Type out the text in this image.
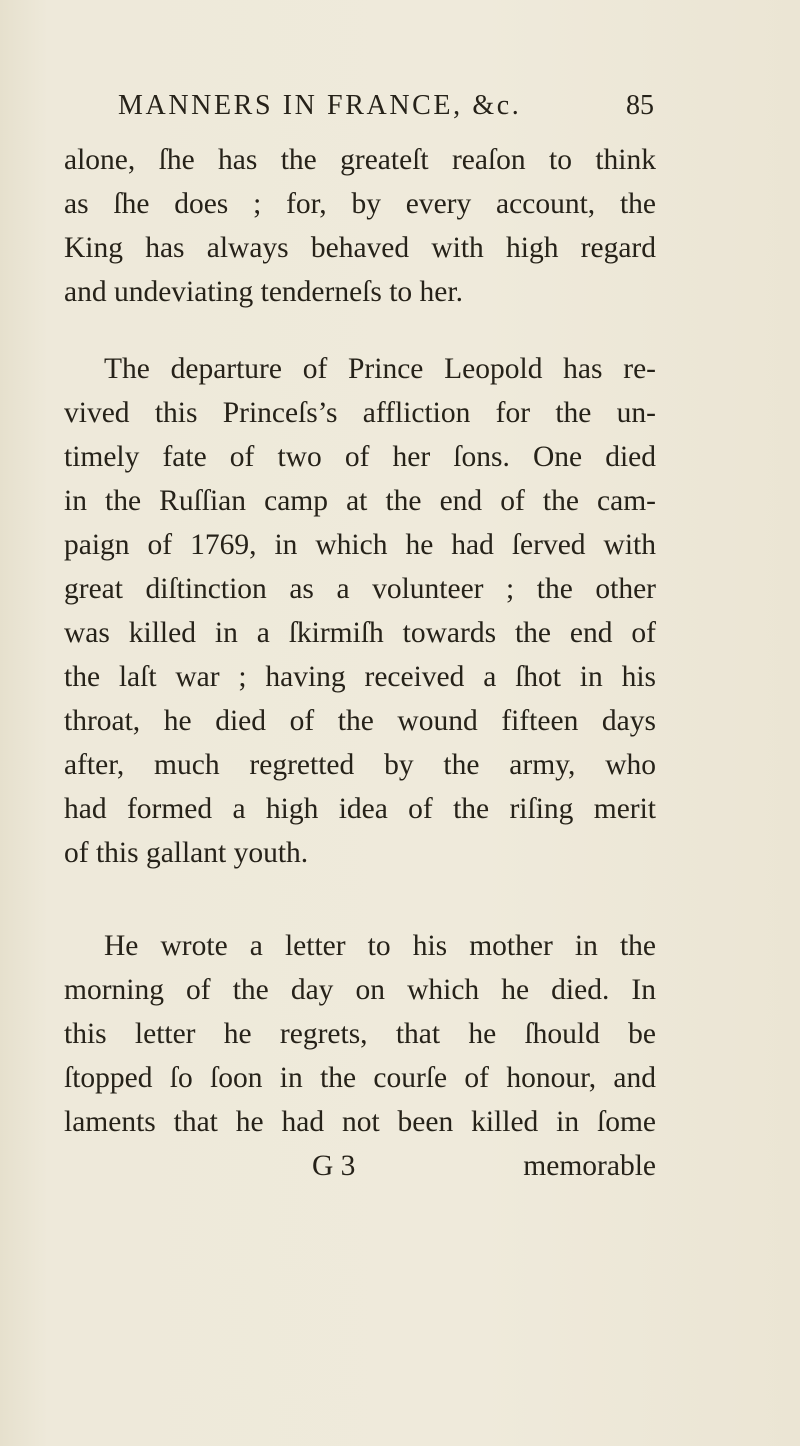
MANNERS IN FRANCE, &c.	85
alone, ſhe has the greateſt reaſon to think
as ſhe does ; for, by every account, the
King has always behaved with high regard
and undeviating tenderneſs to her.
The departure of Prince Leopold has re-
vived this Princeſs’s affliction for the un-
timely fate of two of her ſons. One died
in the Ruſſian camp at the end of the cam-
paign of 1769, in which he had ſerved with
great diſtinction as a volunteer ; the other
was killed in a ſkirmiſh towards the end of
the laſt war ; having received a ſhot in his
throat, he died of the wound fifteen days
after, much regretted by the army, who
had formed a high idea of the riſing merit
of this gallant youth.
He wrote a letter to his mother in the
morning of the day on which he died. In
this letter he regrets, that he ſhould be
ſtopped ſo ſoon in the courſe of honour, and
laments that he had not been killed in ſome
G 3	memorable
